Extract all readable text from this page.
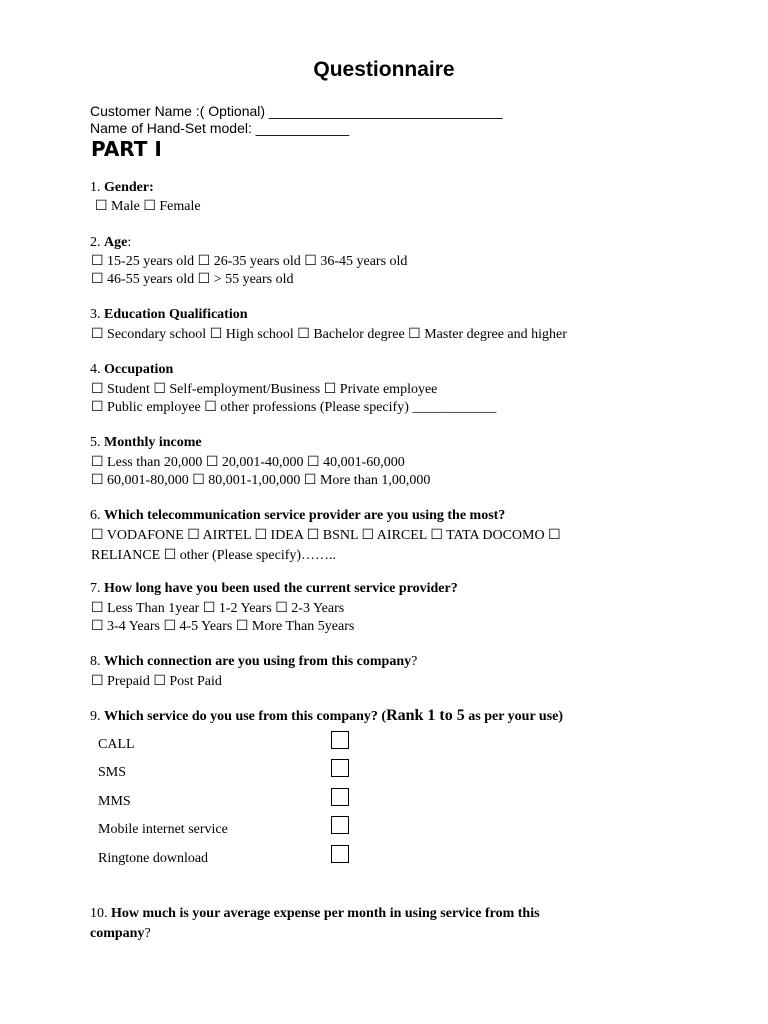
Questionnaire
Customer Name :( Optional) ______________________________
Name of Hand-Set model: ____________
PART I
1. Gender:
☐ Male ☐ Female
2. Age:
☐ 15-25 years old ☐ 26-35 years old ☐ 36-45 years old
☐ 46-55 years old ☐ > 55 years old
3. Education Qualification
☐ Secondary school ☐ High school ☐ Bachelor degree ☐ Master degree and higher
4. Occupation
☐ Student ☐ Self-employment/Business ☐ Private employee
☐ Public employee ☐ other professions (Please specify) ____________
5. Monthly income
☐ Less than 20,000 ☐ 20,001-40,000 ☐ 40,001-60,000
☐ 60,001-80,000 ☐ 80,001-1,00,000 ☐ More than 1,00,000
6. Which telecommunication service provider are you using the most?
☐ VODAFONE ☐ AIRTEL ☐ IDEA ☐ BSNL ☐ AIRCEL ☐ TATA DOCOMO ☐
RELIANCE ☐ other (Please specify)……..
7. How long have you been used the current service provider?
☐ Less Than 1year ☐ 1-2 Years ☐ 2-3 Years
☐ 3-4 Years ☐ 4-5 Years ☐ More Than 5years
8. Which connection are you using from this company?
☐ Prepaid ☐ Post Paid
9. Which service do you use from this company? (Rank 1 to 5 as per your use)
CALL
SMS
MMS
Mobile internet service
Ringtone download
10. How much is your average expense per month in using service from this
company?
